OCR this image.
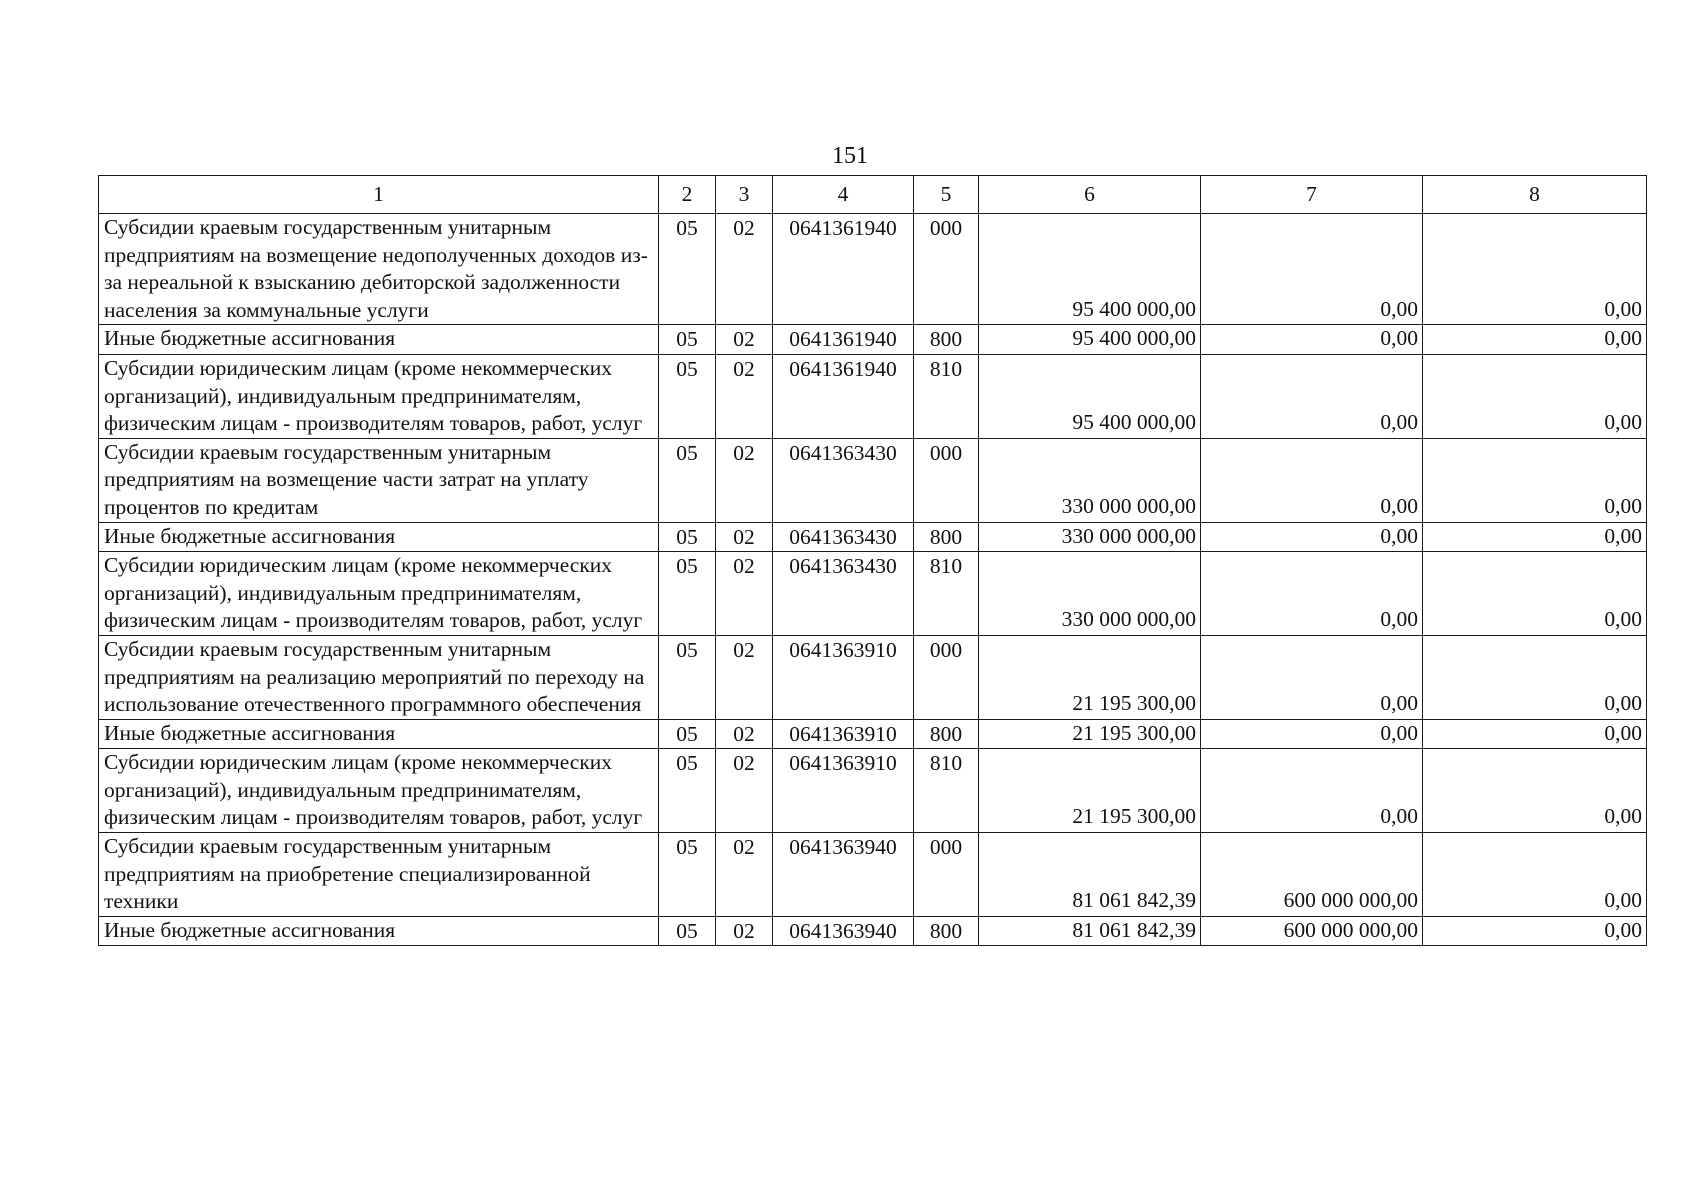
151
1	2	3	4	5	6	7	8
Субсидии краевым государственным унитарным предприятиям на возмещение недополученных доходов из-за нереальной к взысканию дебиторской задолженности населения за коммунальные услуги	05	02	0641361940	000	95 400 000,00	0,00	0,00
Иные бюджетные ассигнования	05	02	0641361940	800	95 400 000,00	0,00	0,00
Субсидии юридическим лицам (кроме некоммерческих организаций), индивидуальным предпринимателям, физическим лицам - производителям товаров, работ, услуг	05	02	0641361940	810	95 400 000,00	0,00	0,00
Субсидии краевым государственным унитарным предприятиям на возмещение части затрат на уплату процентов по кредитам	05	02	0641363430	000	330 000 000,00	0,00	0,00
Иные бюджетные ассигнования	05	02	0641363430	800	330 000 000,00	0,00	0,00
Субсидии юридическим лицам (кроме некоммерческих организаций), индивидуальным предпринимателям, физическим лицам - производителям товаров, работ, услуг	05	02	0641363430	810	330 000 000,00	0,00	0,00
Субсидии краевым государственным унитарным предприятиям на реализацию мероприятий по переходу на использование отечественного программного обеспечения	05	02	0641363910	000	21 195 300,00	0,00	0,00
Иные бюджетные ассигнования	05	02	0641363910	800	21 195 300,00	0,00	0,00
Субсидии юридическим лицам (кроме некоммерческих организаций), индивидуальным предпринимателям, физическим лицам - производителям товаров, работ, услуг	05	02	0641363910	810	21 195 300,00	0,00	0,00
Субсидии краевым государственным унитарным предприятиям на приобретение специализированной техники	05	02	0641363940	000	81 061 842,39	600 000 000,00	0,00
Иные бюджетные ассигнования	05	02	0641363940	800	81 061 842,39	600 000 000,00	0,00
